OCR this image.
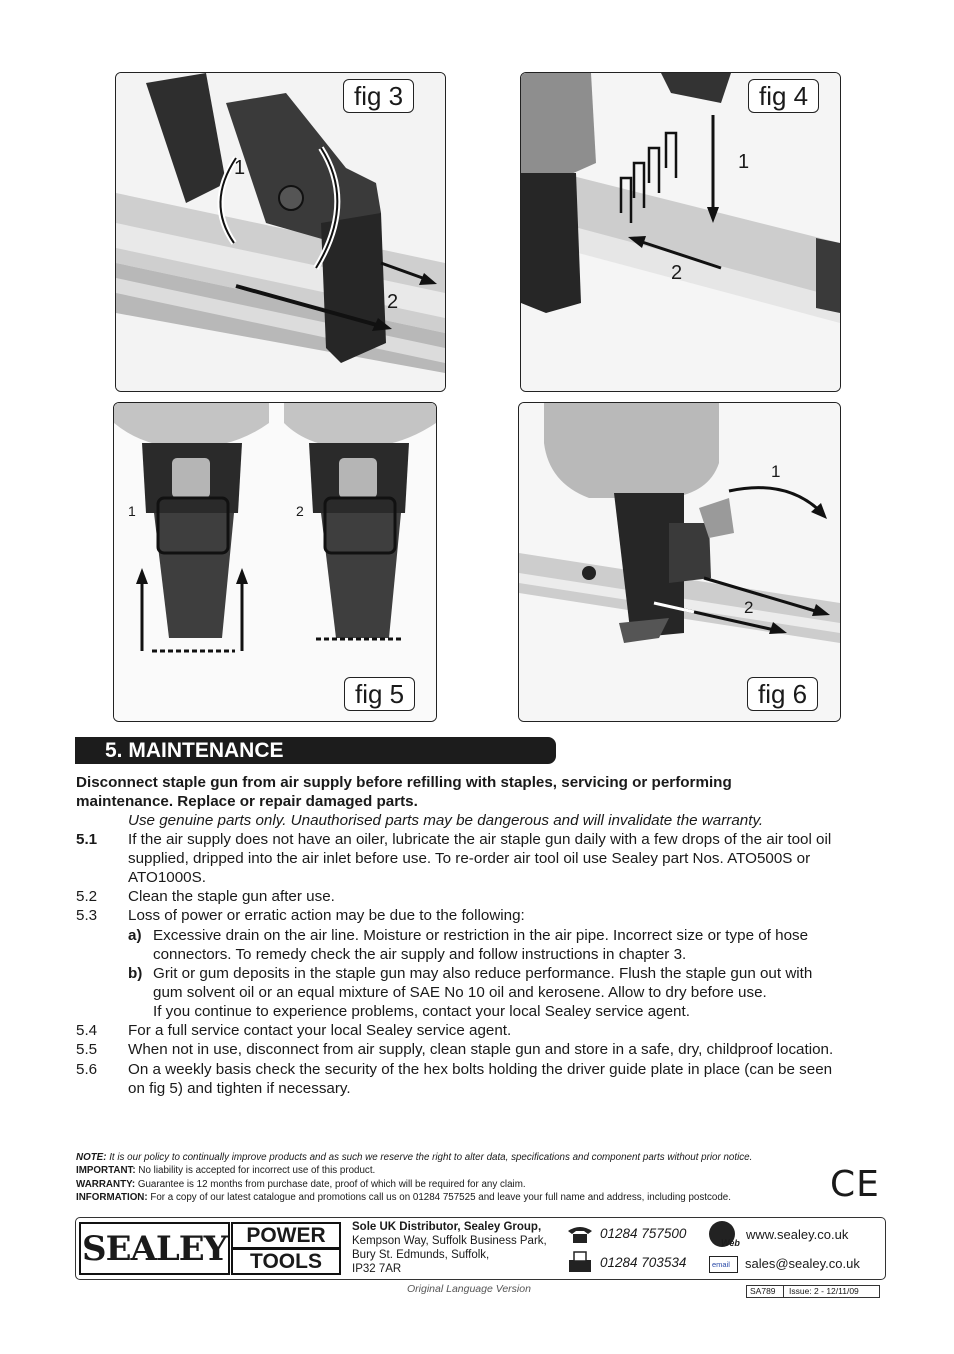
fig 3
1
2
fig 4
1
2
1	2
fig 5
1
2
fig 6
5. MAINTENANCE
Disconnect staple gun from air supply before refilling with staples, servicing or performing
maintenance. Replace or repair damaged parts.
Use genuine parts only. Unauthorised parts may be dangerous and will invalidate the warranty.
5.1 If the air supply does not have an oiler, lubricate the air staple gun daily with a few drops of the air tool oil
supplied, dripped into the air inlet before use. To re-order air tool oil use Sealey part Nos. ATO500S or
ATO1000S.
5.2 Clean the staple gun after use.
5.3 Loss of power or erratic action may be due to the following:
a) Excessive drain on the air line. Moisture or restriction in the air pipe. Incorrect size or type of hose
connectors. To remedy check the air supply and follow instructions in chapter 3.
b) Grit or gum deposits in the staple gun may also reduce performance. Flush the staple gun out with
gum solvent oil or an equal mixture of SAE No 10 oil and kerosene. Allow to dry before use.
If you continue to experience problems, contact your local Sealey service agent.
5.4 For a full service contact your local Sealey service agent.
5.5 When not in use, disconnect from air supply, clean staple gun and store in a safe, dry, childproof location.
5.6 On a weekly basis check the security of the hex bolts holding the driver guide plate in place (can be seen
on fig 5) and tighten if necessary.
NOTE: It is our policy to continually improve products and as such we reserve the right to alter data, specifications and component parts without prior notice.
IMPORTANT: No liability is accepted for incorrect use of this product.
WARRANTY: Guarantee is 12 months from purchase date, proof of which will be required for any claim.
INFORMATION: For a copy of our latest catalogue and promotions call us on 01284 757525 and leave your full name and address, including postcode.	CE
SEALEY POWER
TOOLS
Sole UK Distributor, Sealey Group,
Kempson Way, Suffolk Business Park,
Bury St. Edmunds, Suffolk,
IP32 7AR
01284 757500
01284 703534
Web
www.sealey.co.uk
email sales@sealey.co.uk
Original Language Version	SA789 Issue: 2 - 12/11/09
